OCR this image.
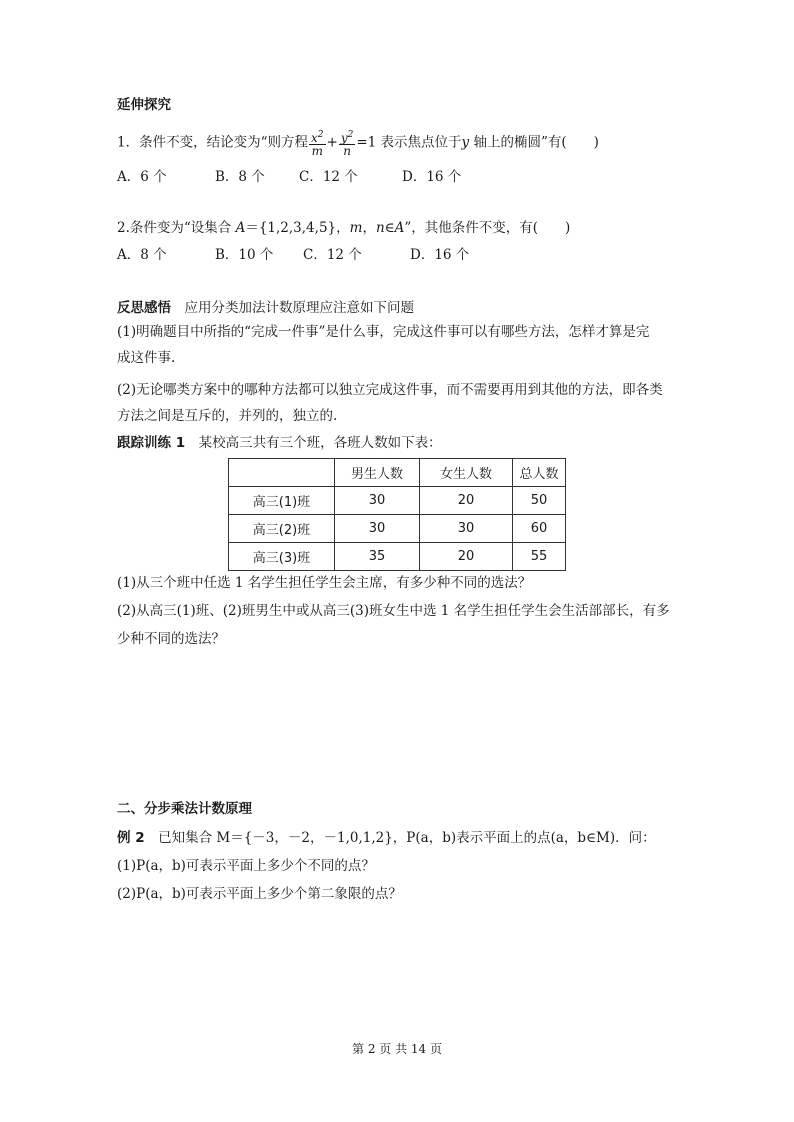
延伸探究
1．条件不变，结论变为“则方程 $\frac{x^2}{m} + \frac{y^2}{n} =1$ 表示焦点位于y 轴上的椭圆”有(　　)
A．6 个	B．8 个	C．12 个	D．16 个
2.条件变为“设集合 A＝{1,2,3,4,5}，m，n∈A”，其他条件不变，有(　　)
A．8 个	B．10 个 C．12 个	D．16 个
反思感悟　应用分类加法计数原理应注意如下问题
(1)明确题目中所指的“完成一件事”是什么事，完成这件事可以有哪些方法，怎样才算是完
成这件事.
(2)无论哪类方案中的哪种方法都可以独立完成这件事，而不需要再用到其他的方法，即各类
方法之间是互斥的，并列的，独立的.
跟踪训练 1　某校高三共有三个班，各班人数如下表：
	男生人数	女生人数	总人数
高三(1)班	30	20	50
高三(2)班	30	30	60
高三(3)班	35	20	55
(1)从三个班中任选 1 名学生担任学生会主席，有多少种不同的选法？
(2)从高三(1)班、(2)班男生中或从高三(3)班女生中选 1 名学生担任学生会生活部部长，有多
少种不同的选法？
二、分步乘法计数原理
例 2　已知集合 M＝{－3，－2，－1,0,1,2}，P(a，b)表示平面上的点(a，b∈M)．问：
(1)P(a，b)可表示平面上多少个不同的点？
(2)P(a，b)可表示平面上多少个第二象限的点？
第 2 页 共 14 页
